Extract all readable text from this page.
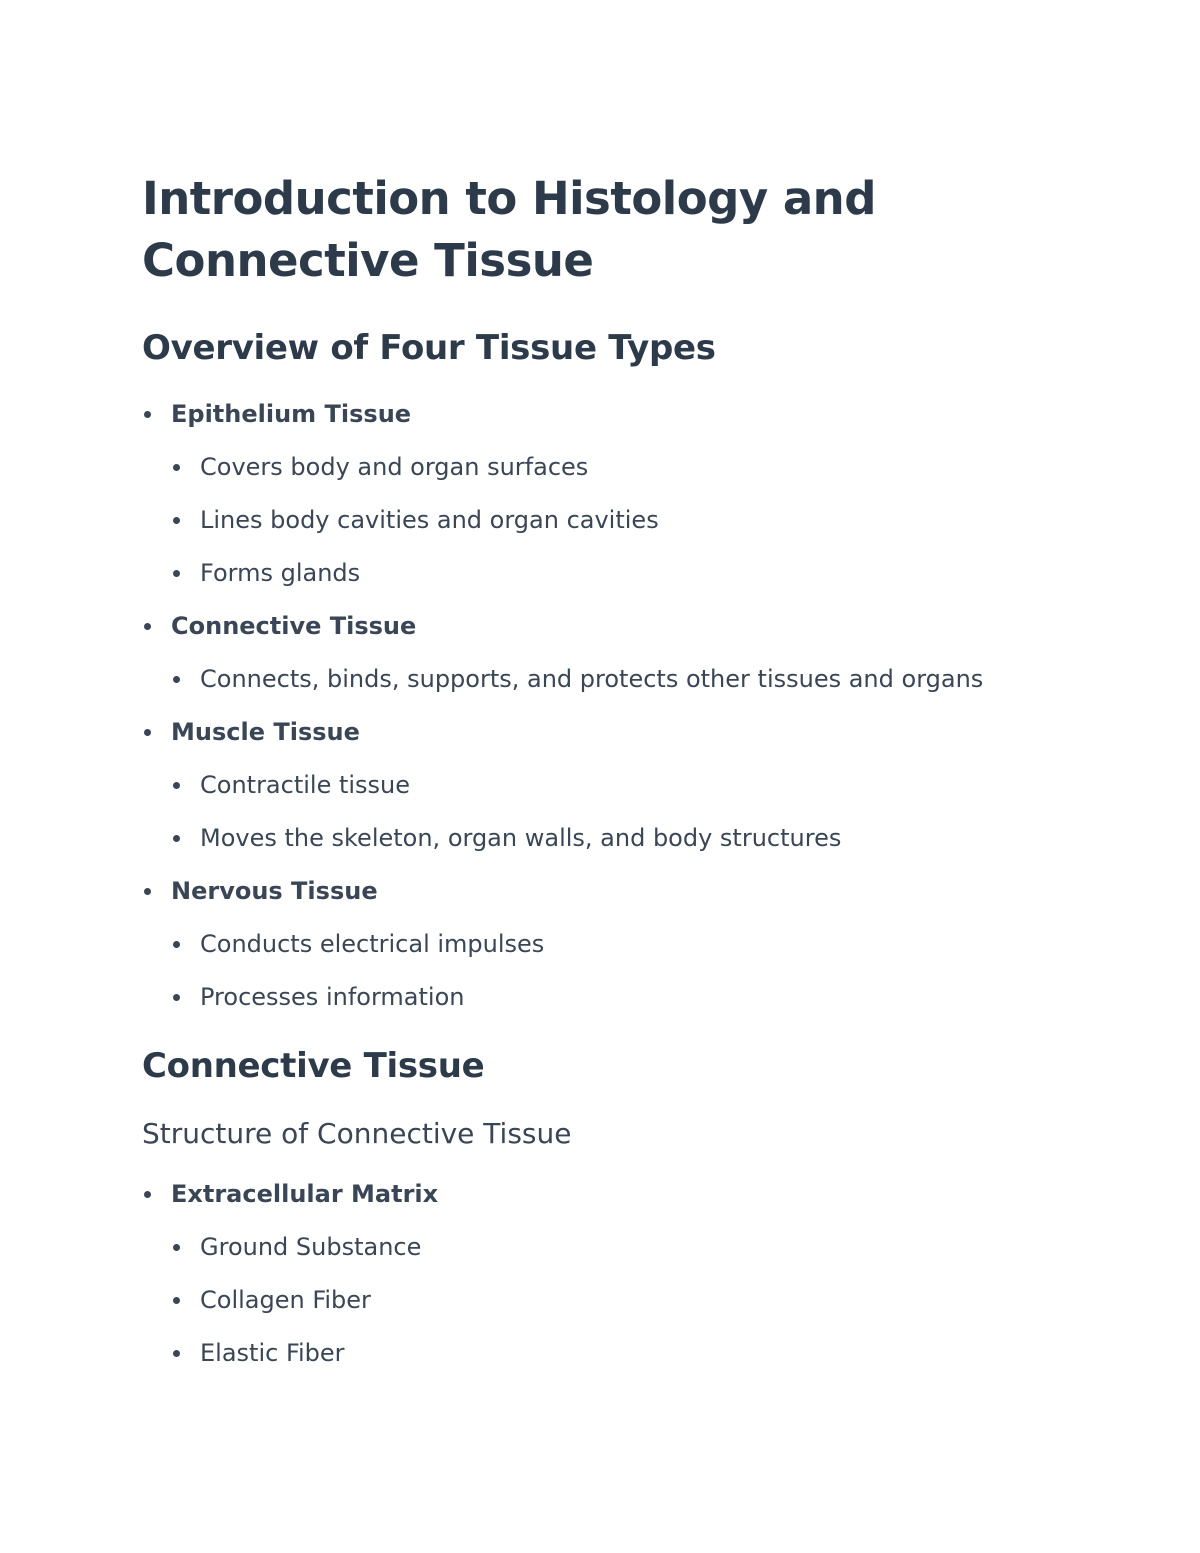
Introduction to Histology and
Connective Tissue
Overview of Four Tissue Types
Epithelium Tissue
Covers body and organ surfaces
Lines body cavities and organ cavities
Forms glands
Connective Tissue
Connects, binds, supports, and protects other tissues and organs
Muscle Tissue
Contractile tissue
Moves the skeleton, organ walls, and body structures
Nervous Tissue
Conducts electrical impulses
Processes information
Connective Tissue
Structure of Connective Tissue
Extracellular Matrix
Ground Substance
Collagen Fiber
Elastic Fiber
